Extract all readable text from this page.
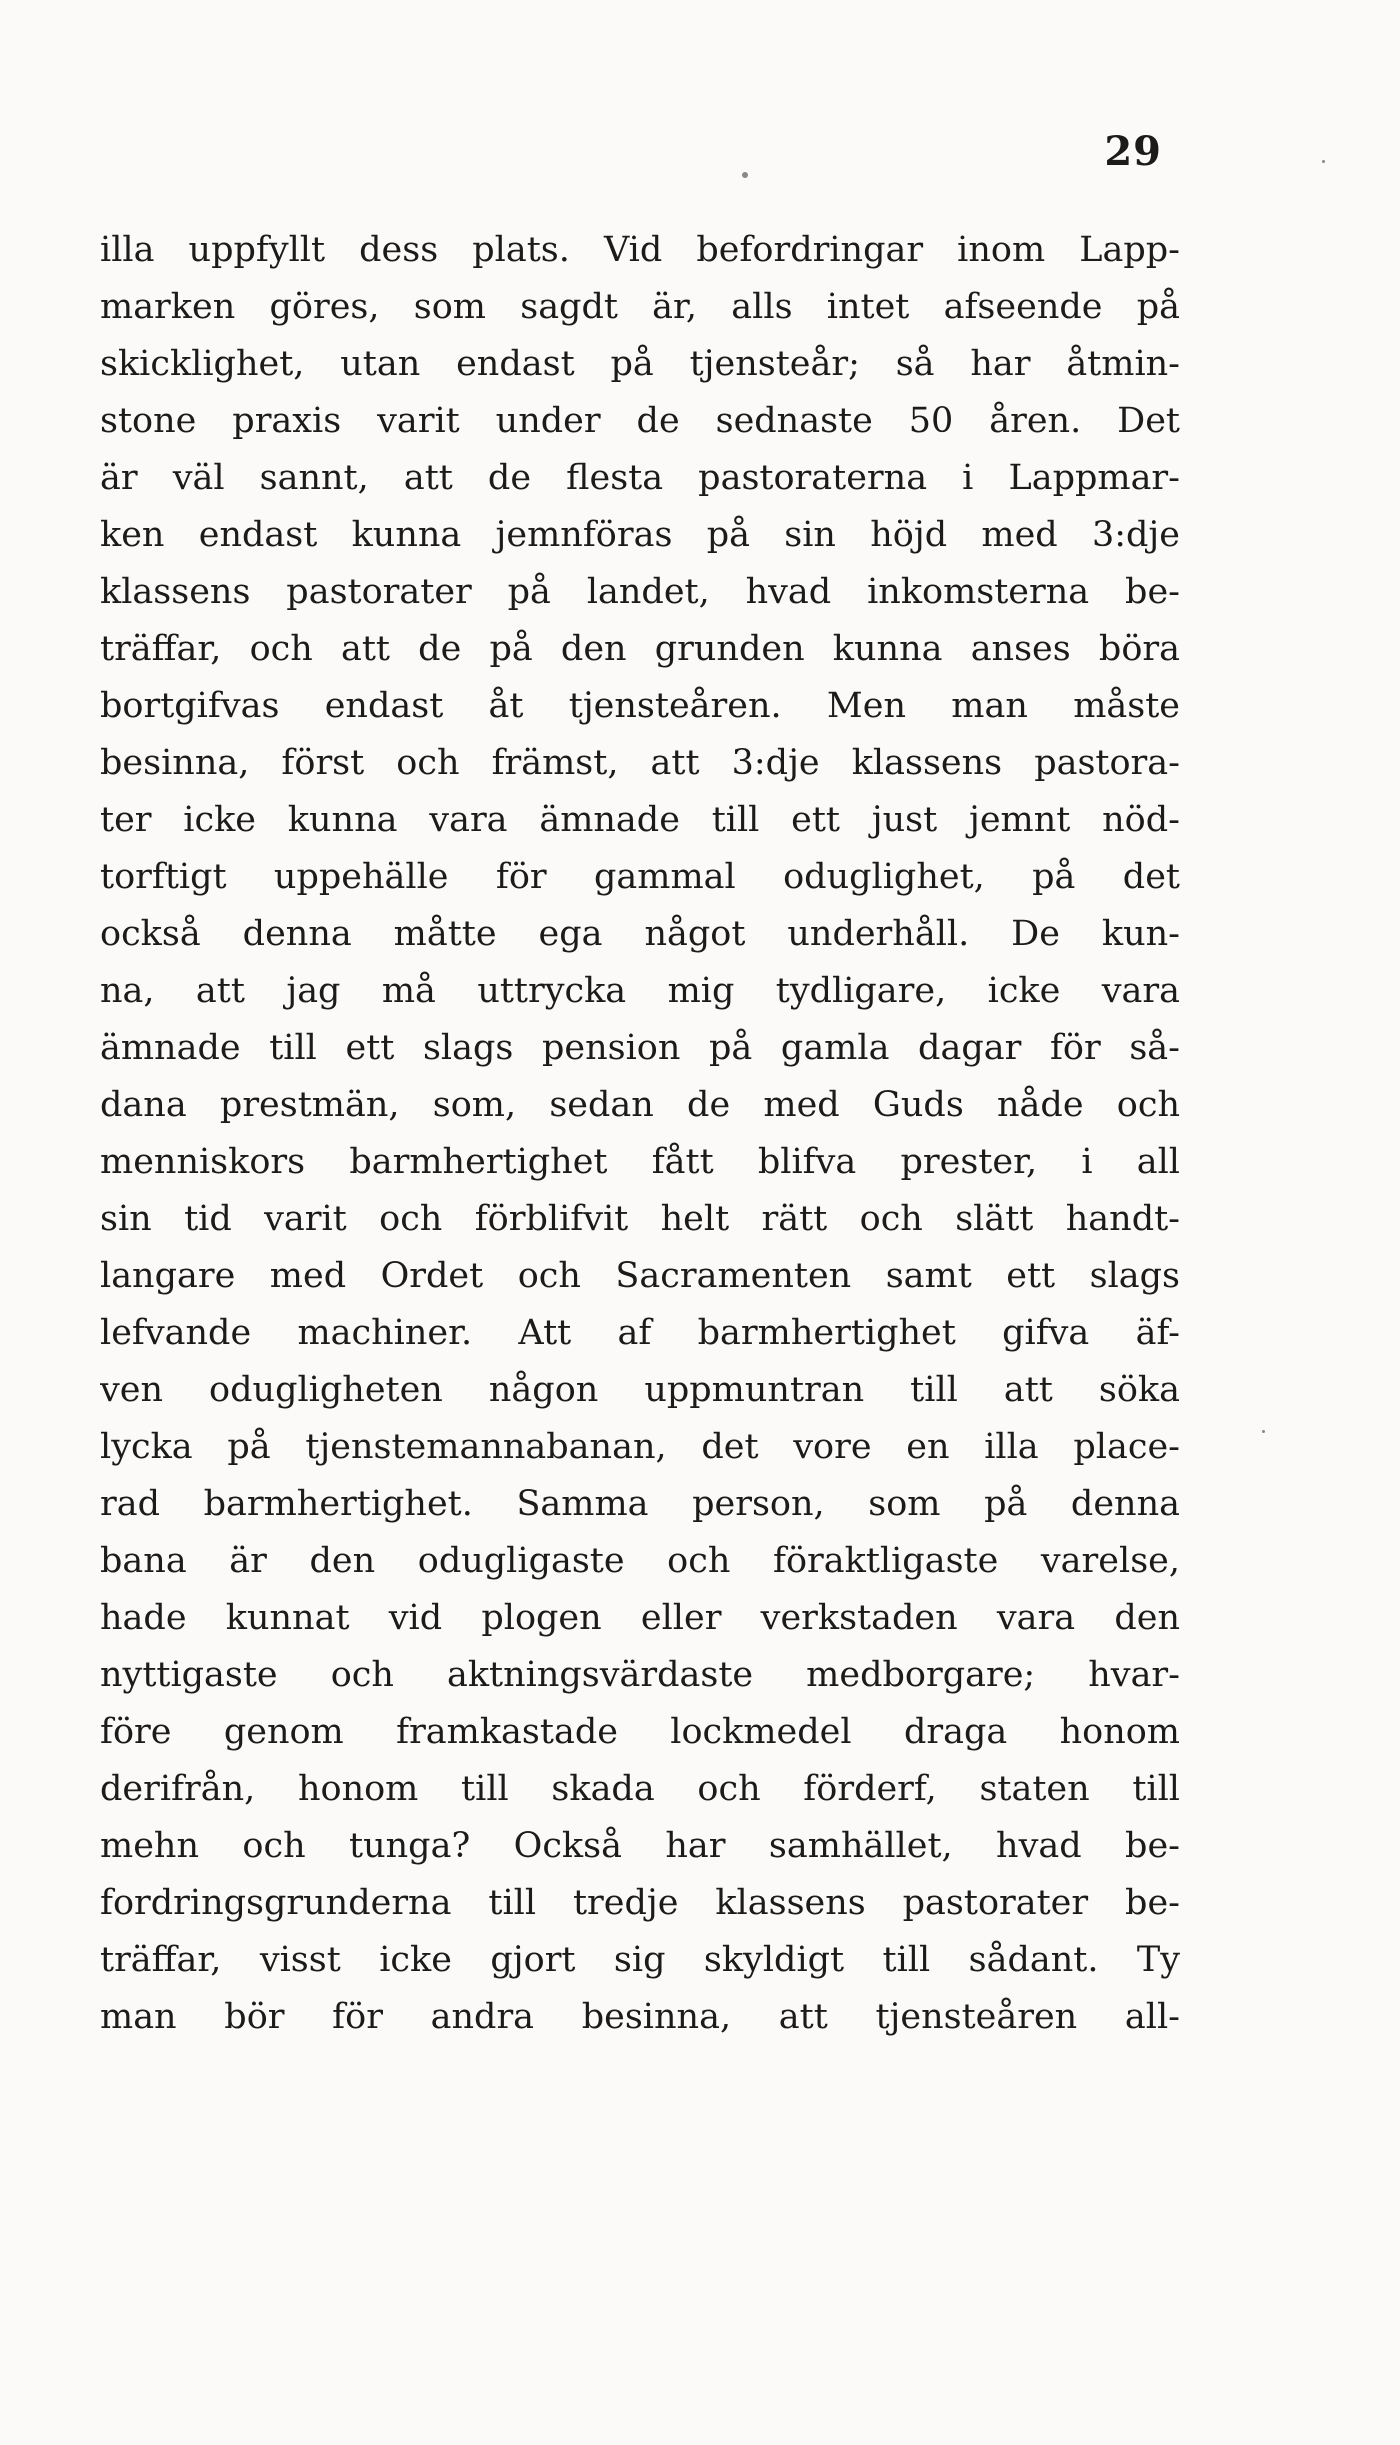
29
illa uppfyllt dess plats. Vid befordringar inom Lapp-
marken göres, som sagdt är, alls intet afseende på
skicklighet, utan endast på tjensteår; så har åtmin-
stone praxis varit under de sednaste 50 åren. Det
är väl sannt, att de flesta pastoraterna i Lappmar-
ken endast kunna jemnföras på sin höjd med 3:dje
klassens pastorater på landet, hvad inkomsterna be-
träffar, och att de på den grunden kunna anses böra
bortgifvas endast åt tjensteåren. Men man måste
besinna, först och främst, att 3:dje klassens pastora-
ter icke kunna vara ämnade till ett just jemnt nöd-
torftigt uppehälle för gammal oduglighet, på det
också denna måtte ega något underhåll. De kun-
na, att jag må uttrycka mig tydligare, icke vara
ämnade till ett slags pension på gamla dagar för så-
dana prestmän, som, sedan de med Guds nåde och
menniskors barmhertighet fått blifva prester, i all
sin tid varit och förblifvit helt rätt och slätt handt-
langare med Ordet och Sacramenten samt ett slags
lefvande machiner. Att af barmhertighet gifva äf-
ven odugligheten någon uppmuntran till att söka
lycka på tjenstemannabanan, det vore en illa place-
rad barmhertighet. Samma person, som på denna
bana är den odugligaste och föraktligaste varelse,
hade kunnat vid plogen eller verkstaden vara den
nyttigaste och aktningsvärdaste medborgare; hvar-
före genom framkastade lockmedel draga honom
derifrån, honom till skada och förderf, staten till
mehn och tunga? Också har samhället, hvad be-
fordringsgrunderna till tredje klassens pastorater be-
träffar, visst icke gjort sig skyldigt till sådant. Ty
man bör för andra besinna, att tjensteåren all-
